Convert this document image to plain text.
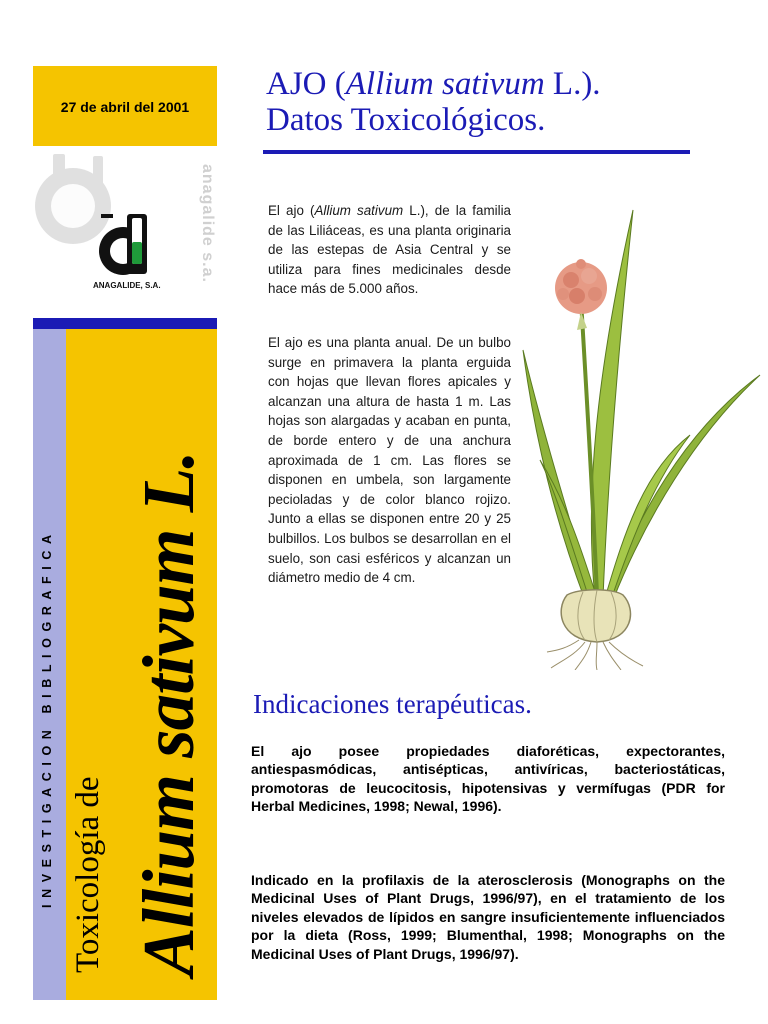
27 de abril del 2001
anagalide s.a.
ANAGALIDE, S.A.
INVESTIGACION BIBLIOGRAFICA Toxicología de Allium sativum L.
AJO (Allium sativum L.).
Datos Toxicológicos.
El ajo (Allium sativum L.), de la familia de las Liliáceas, es una planta originaria de las estepas de Asia Central y se utiliza para fines medicinales desde hace más de 5.000 años.
El ajo es una planta anual. De un bulbo surge en primavera la planta erguida con hojas que llevan flores apicales y alcanzan una altura de hasta 1 m. Las hojas son alargadas y acaban en punta, de borde entero y de una anchura aproximada de 1 cm. Las flores se disponen en umbela, son largamente pecioladas y de color blanco rojizo. Junto a ellas se disponen entre 20 y 25 bulbillos. Los bulbos se desarrollan en el suelo, son casi esféricos y alcanzan un diámetro medio de 4 cm.
Indicaciones terapéuticas.
El ajo posee propiedades diaforéticas, expectorantes, antiespasmódicas, antisépticas, antivíricas, bacteriostáticas, promotoras de leucocitosis, hipotensivas y vermífugas (PDR for Herbal Medicines, 1998; Newal, 1996).
Indicado en la profilaxis de la aterosclerosis (Monographs on the Medicinal Uses of Plant Drugs, 1996/97), en el tratamiento de los niveles elevados de lípidos en sangre insuficientemente influenciados por la dieta (Ross, 1999; Blumenthal, 1998; Monographs on the Medicinal Uses of Plant Drugs, 1996/97).
